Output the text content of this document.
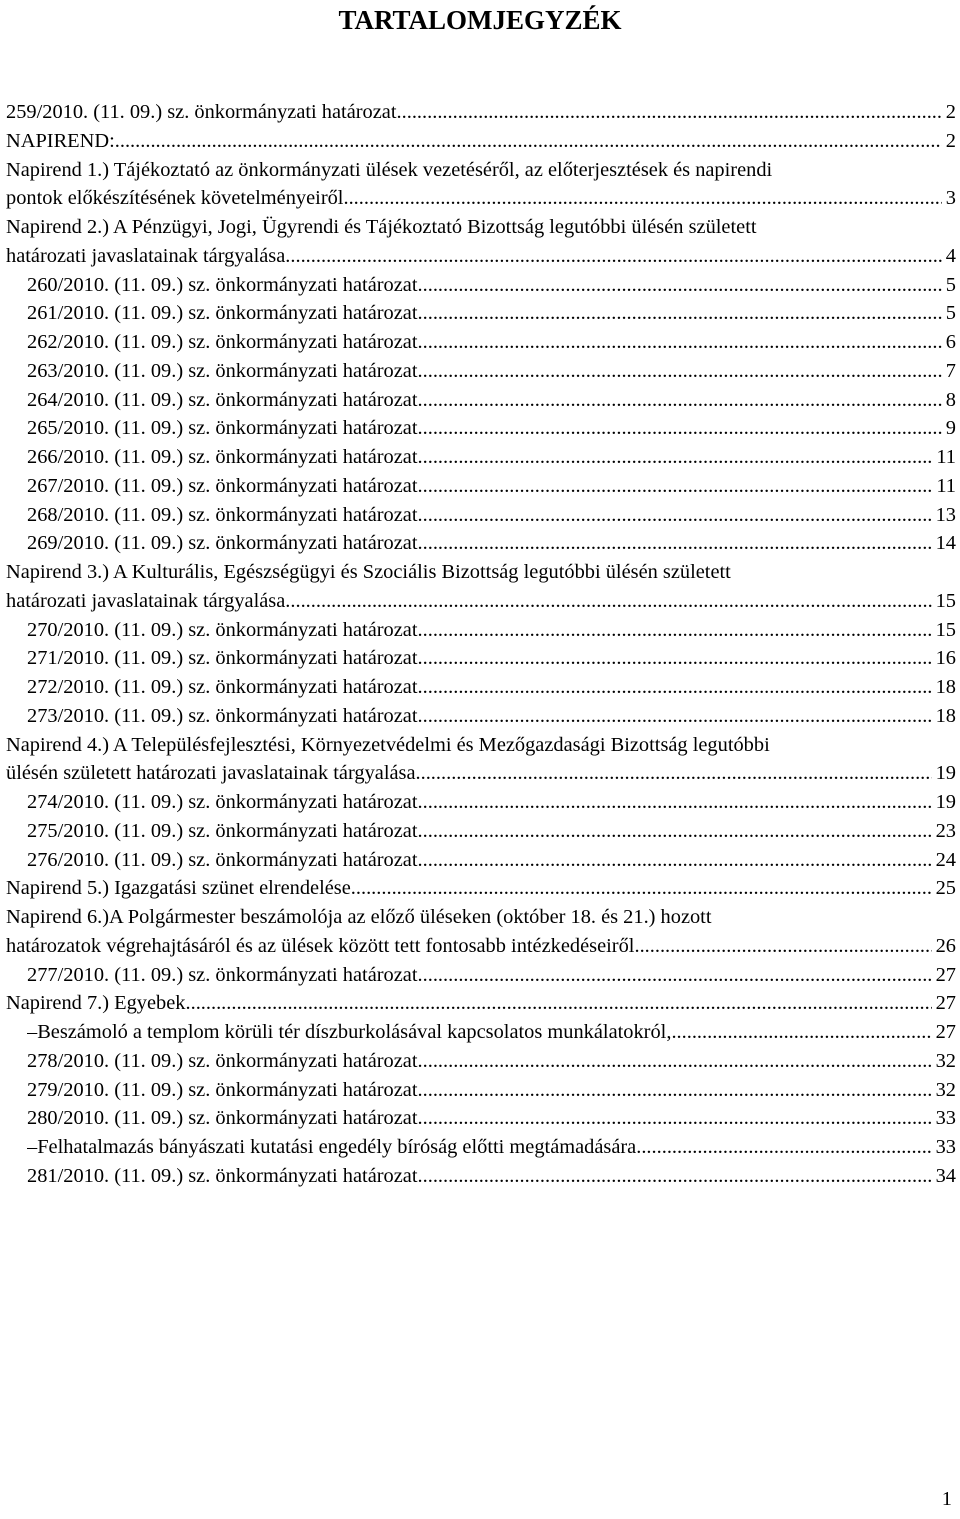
TARTALOMJEGYZÉK
259/2010. (11. 09.) sz. önkormányzati határozat .....	2
NAPIREND: .....	2
Napirend 1.) Tájékoztató az önkormányzati ülések vezetéséről, az előterjesztések és napirendi
pontok előkészítésének követelményeiről. .....	3
Napirend 2.) A Pénzügyi, Jogi, Ügyrendi és Tájékoztató Bizottság legutóbbi ülésén született
határozati javaslatainak tárgyalása. .....	4
260/2010. (11. 09.) sz. önkormányzati határozat .....	5
261/2010. (11. 09.) sz. önkormányzati határozat .....	5
262/2010. (11. 09.) sz. önkormányzati határozat .....	6
263/2010. (11. 09.) sz. önkormányzati határozat .....	7
264/2010. (11. 09.) sz. önkormányzati határozat .....	8
265/2010. (11. 09.) sz. önkormányzati határozat .....	9
266/2010. (11. 09.) sz. önkormányzati határozat .....	11
267/2010. (11. 09.) sz. önkormányzati határozat .....	11
268/2010. (11. 09.) sz. önkormányzati határozat .....	13
269/2010. (11. 09.) sz. önkormányzati határozat .....	14
Napirend 3.) A Kulturális, Egészségügyi és Szociális Bizottság legutóbbi ülésén született
határozati javaslatainak tárgyalása. .....	15
270/2010. (11. 09.) sz. önkormányzati határozat .....	15
271/2010. (11. 09.) sz. önkormányzati határozat .....	16
272/2010. (11. 09.) sz. önkormányzati határozat .....	18
273/2010. (11. 09.) sz. önkormányzati határozat .....	18
Napirend 4.) A Településfejlesztési, Környezetvédelmi és Mezőgazdasági Bizottság legutóbbi
ülésén született határozati javaslatainak tárgyalása .....	19
274/2010. (11. 09.) sz. önkormányzati határozat .....	19
275/2010. (11. 09.) sz. önkormányzati határozat .....	23
276/2010. (11. 09.) sz. önkormányzati határozat .....	24
Napirend 5.) Igazgatási szünet elrendelése. .....	25
Napirend 6.)A Polgármester beszámolója az előző üléseken (október 18. és 21.) hozott
határozatok végrehajtásáról és az ülések között tett fontosabb intézkedéseiről. .....	26
277/2010. (11. 09.) sz. önkormányzati határozat .....	27
Napirend 7.) Egyebek. .....	27
– Beszámoló a templom körüli tér díszburkolásával kapcsolatos munkálatokról, .....	27
278/2010. (11. 09.) sz. önkormányzati határozat .....	32
279/2010. (11. 09.) sz. önkormányzati határozat .....	32
280/2010. (11. 09.) sz. önkormányzati határozat .....	33
– Felhatalmazás bányászati kutatási engedély bíróság előtti megtámadására. .....	33
281/2010. (11. 09.) sz. önkormányzati határozat .....	34
1
